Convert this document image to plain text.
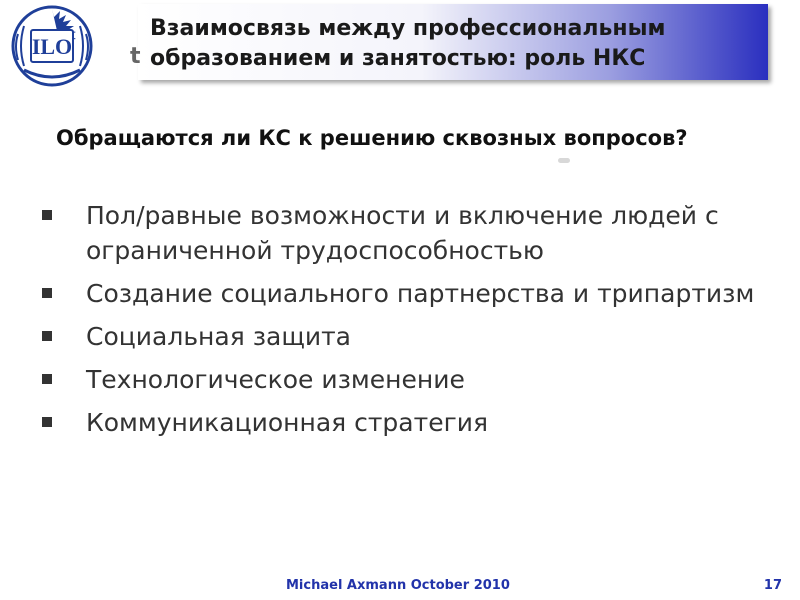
ILO
Взаимосвязь между профессиональным
образованием и занятостью: роль НКС
t
Обращаются ли КС к решению сквозных вопросов?
Пол/равные возможности и включение людей с ограниченной трудоспособностью
Создание социального партнерства и трипартизм
Социальная защита
Технологическое изменение
Коммуникационная стратегия
Michael Axmann October 2010	17
